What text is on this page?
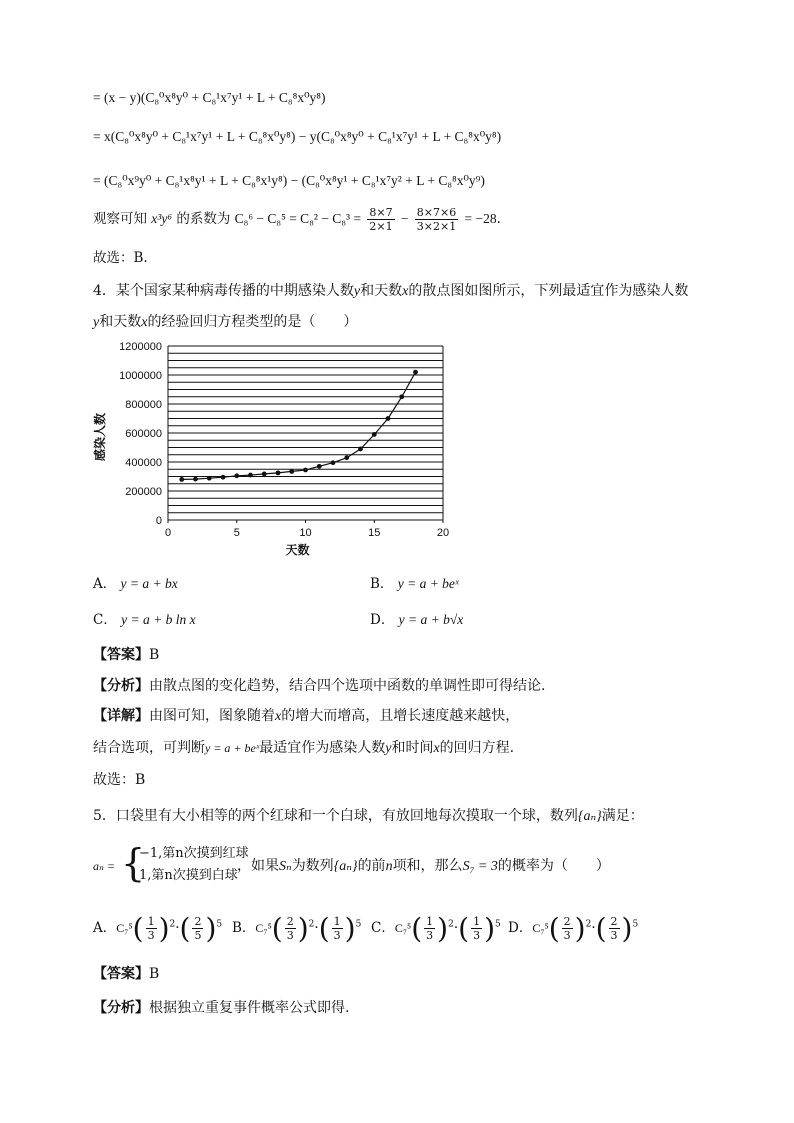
= (x − y)(C₈⁰x⁸y⁰ + C₈¹x⁷y¹ + L + C₈⁸x⁰y⁸)
= x(C₈⁰x⁸y⁰ + C₈¹x⁷y¹ + L + C₈⁸x⁰y⁸) − y(C₈⁰x⁸y⁰ + C₈¹x⁷y¹ + L + C₈⁸x⁰y⁸)
= (C₈⁰x⁹y⁰ + C₈¹x⁸y¹ + L + C₈⁸x¹y⁸) − (C₈⁰x⁸y¹ + C₈¹x⁷y² + L + C₈⁸x⁰y⁹)
观察可知 x³y⁶ 的系数为 $C_8^6 - C_8^5 = C_8^2 - C_8^3 = \frac{8\times 7}{2\times 1} - \frac{8\times 7\times 6}{3\times 2\times 1} = -28$.
故选：B.
4．某个国家某种病毒传播的中期感染人数y和天数x的散点图如图所示，下列最适宜作为感染人数
y和天数x的经验回归方程类型的是（　　）
0
200000
400000
600000
800000
1000000
1200000
0	5	10	15	20
天数
感染人数
A． y = a + bx	B． y = a + beˣ
C． y = a + b ln x	D． y = a + b√x
【答案】B
【分析】由散点图的变化趋势，结合四个选项中函数的单调性即可得结论.
【详解】由图可知，图象随着x的增大而增高，且增长速度越来越快，
结合选项，可判断y = a + beˣ最适宜作为感染人数y和时间x的回归方程.
故选：B
5．口袋里有大小相等的两个红球和一个白球，有放回地每次摸取一个球，数列{aₙ}满足：
aₙ = {
−1,第n次摸到红球
1,第n次摸到白球
，如果Sₙ为数列{aₙ}的前n项和，那么S₇ = 3的概率为（　　）
A．$C_7^5( \frac{1}{3} )^2\cdot( \frac{2}{5} )^5$ B．$C_7^5( \frac{2}{3} )^2\cdot( \frac{1}{3} )^5$ C．$C_7^5( \frac{1}{3} )^2\cdot( \frac{1}{3} )^5$ D．$C_7^5( \frac{2}{3} )^2\cdot( \frac{2}{3} )^5$
【答案】B
【分析】根据独立重复事件概率公式即得.
